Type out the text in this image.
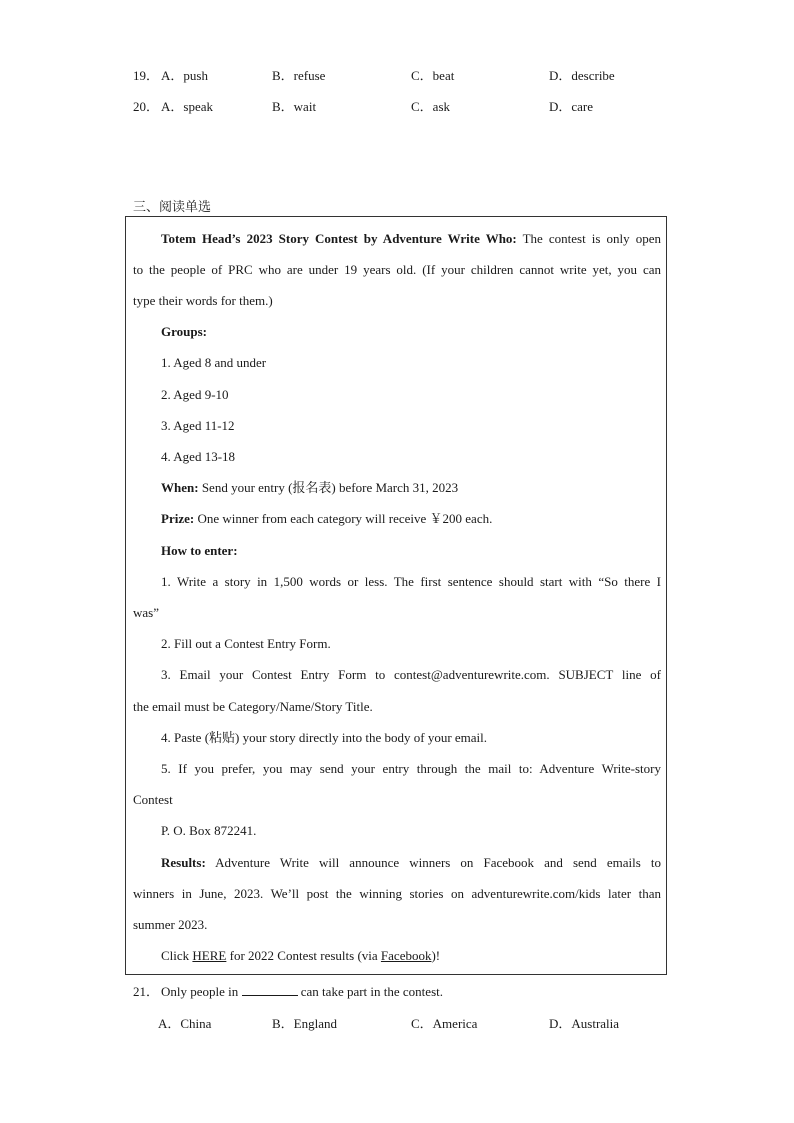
19． A．push	B．refuse	C．beat	D．describe
20． A．speak	B．wait	C．ask	D．care
三、阅读单选
Totem Head’s 2023 Story Contest by Adventure Write Who: The contest is only open
to the people of PRC who are under 19 years old. (If your children cannot write yet, you can
type their words for them.)
Groups:
1. Aged 8 and under
2. Aged 9-10
3. Aged 11-12
4. Aged 13-18
When: Send your entry (报名表) before March 31, 2023
Prize: One winner from each category will receive ￥200 each.
How to enter:
1. Write a story in 1,500 words or less. The first sentence should start with “So there I
was”
2. Fill out a Contest Entry Form.
3. Email your Contest Entry Form to contest@adventurewrite.com. SUBJECT line of
the email must be Category/Name/Story Title.
4. Paste (粘贴) your story directly into the body of your email.
5. If you prefer, you may send your entry through the mail to: Adventure Write-story
Contest
P. O. Box 872241.
Results: Adventure Write will announce winners on Facebook and send emails to
winners in June, 2023. We’ll post the winning stories on adventurewrite.com/kids later than
summer 2023.
Click HERE for 2022 Contest results (via Facebook)!
21． Only people in	can take part in the contest.
A．China	B．England	C．America	D．Australia
